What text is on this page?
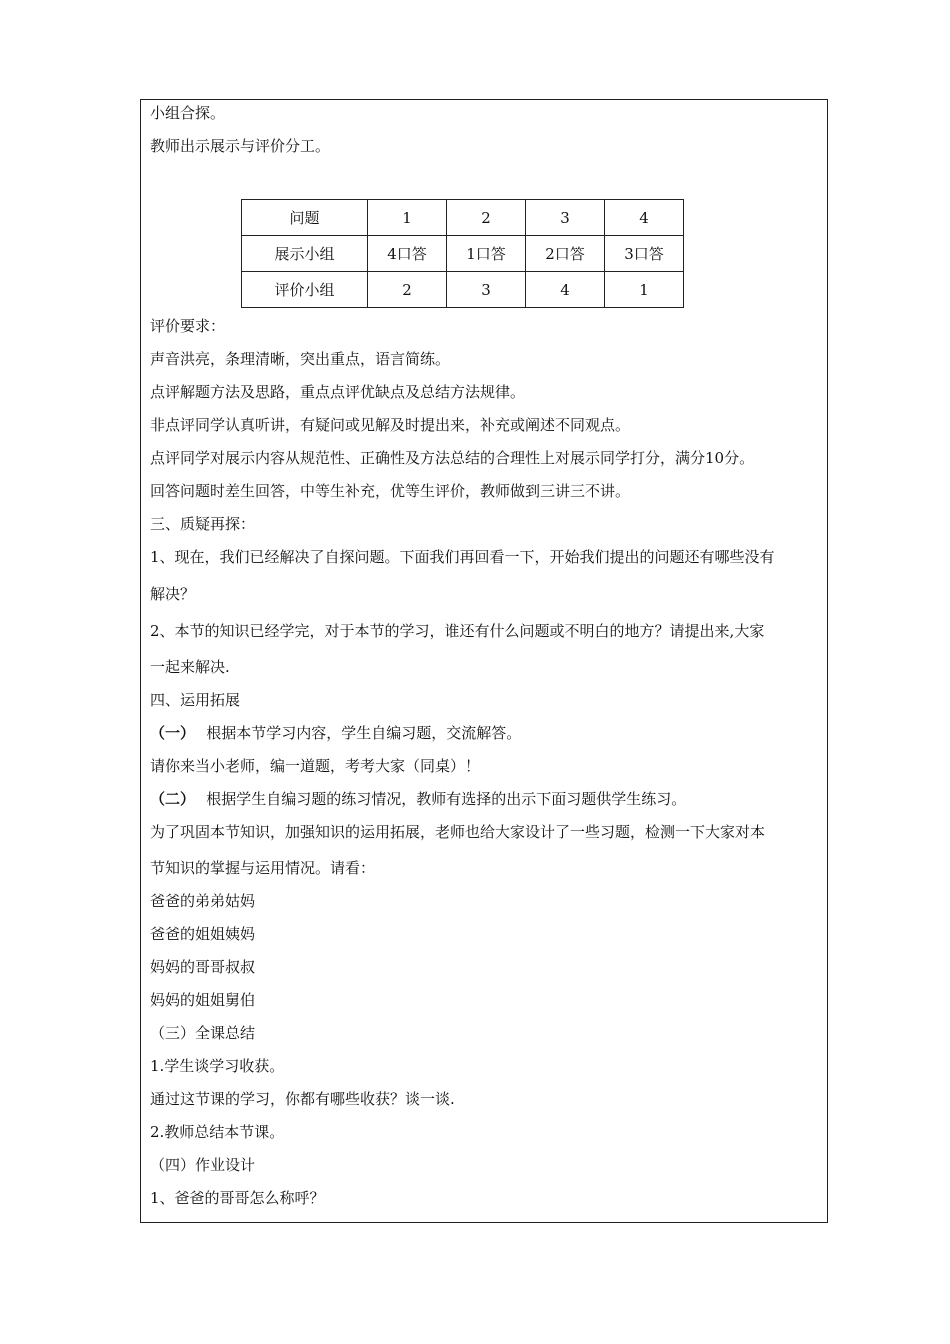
小组合探。
教师出示展示与评价分工。
问题	1	2	3	4
展示小组	4口答	1口答	2口答	3口答
评价小组	2	3	4	1
评价要求：
声音洪亮，条理清晰，突出重点，语言简练。
点评解题方法及思路，重点点评优缺点及总结方法规律。
非点评同学认真听讲，有疑问或见解及时提出来，补充或阐述不同观点。
点评同学对展示内容从规范性、正确性及方法总结的合理性上对展示同学打分，满分10分。
回答问题时差生回答，中等生补充，优等生评价，教师做到三讲三不讲。
三、质疑再探：
1、现在，我们已经解决了自探问题。下面我们再回看一下，开始我们提出的问题还有哪些没有
解决？
2、本节的知识已经学完，对于本节的学习，谁还有什么问题或不明白的地方？请提出来,大家
一起来解决.
四、运用拓展
（一） 根据本节学习内容，学生自编习题，交流解答。
请你来当小老师，编一道题，考考大家（同桌）！
（二） 根据学生自编习题的练习情况，教师有选择的出示下面习题供学生练习。
为了巩固本节知识，加强知识的运用拓展，老师也给大家设计了一些习题，检测一下大家对本
节知识的掌握与运用情况。请看：
爸爸的弟弟姑妈
爸爸的姐姐姨妈
妈妈的哥哥叔叔
妈妈的姐姐舅伯
（三）全课总结
1.学生谈学习收获。
通过这节课的学习，你都有哪些收获？谈一谈.
2.教师总结本节课。
（四）作业设计
1、爸爸的哥哥怎么称呼？
